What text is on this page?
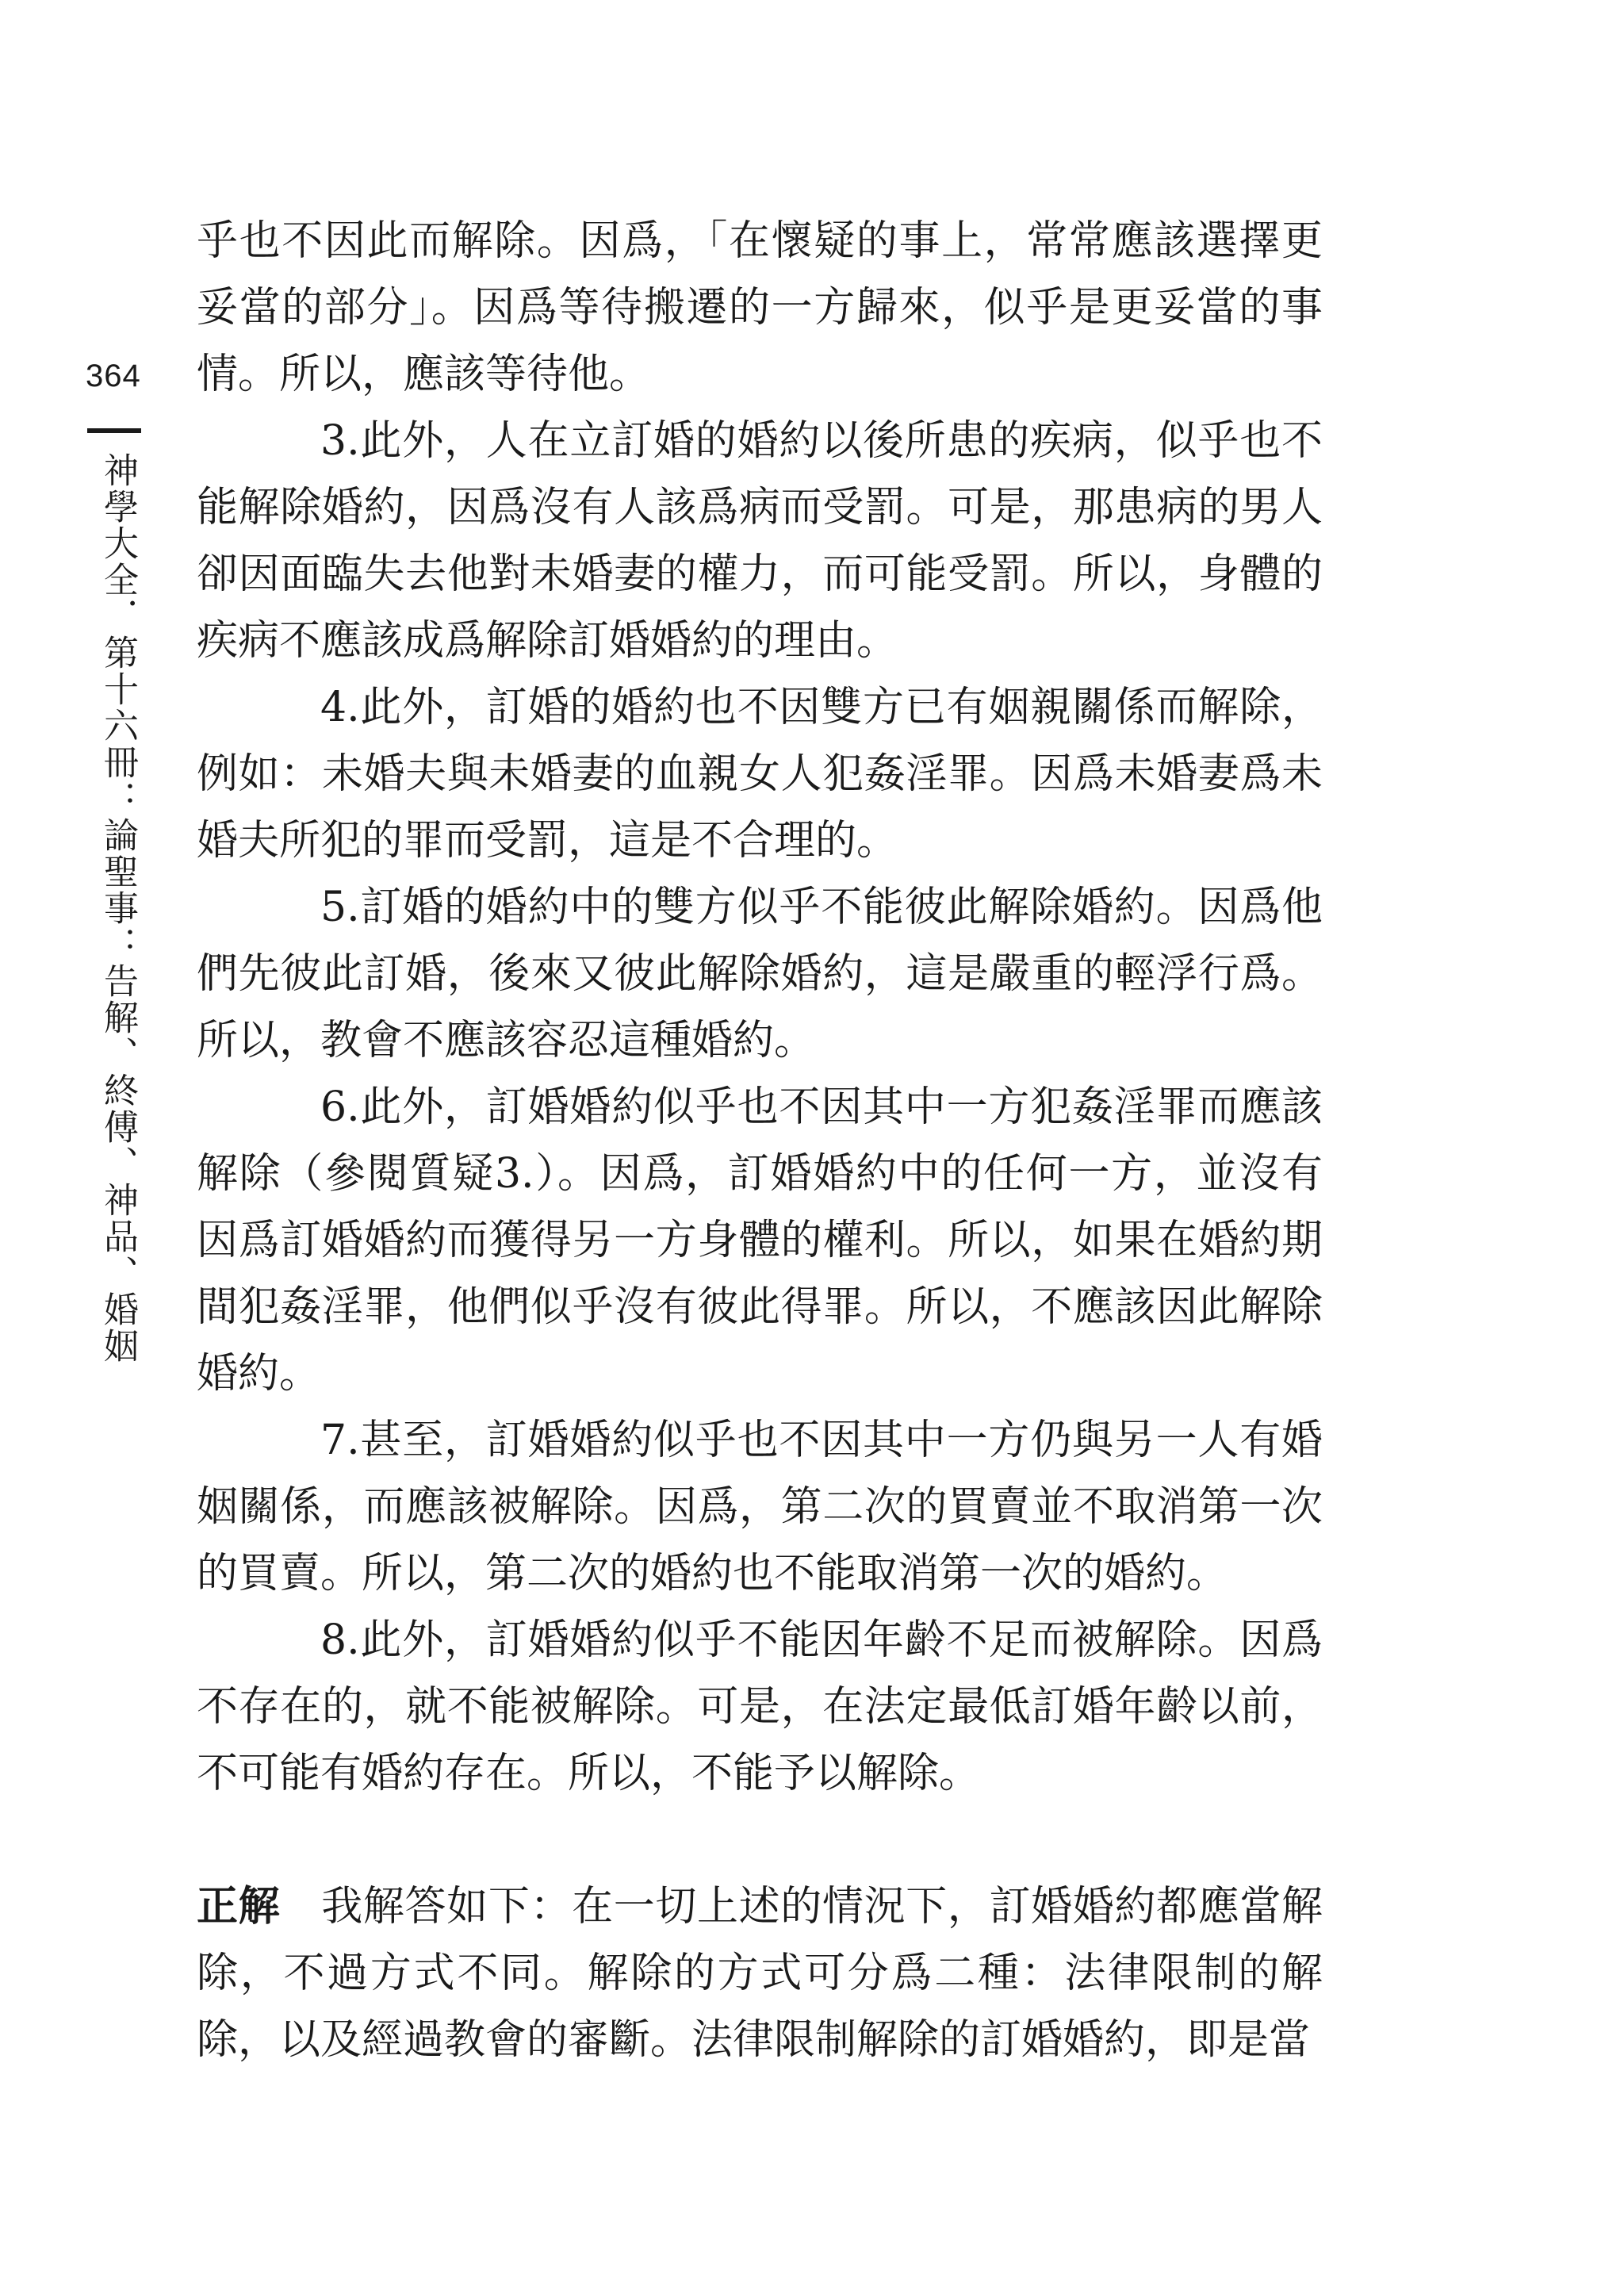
364
神學大全．第十六冊：論聖事：告解、終傅、神品、婚姻

乎也不因此而解除。因爲，「在懷疑的事上，常常應該選擇更妥當的部分」。因爲等待搬遷的一方歸來，似乎是更妥當的事情。所以，應該等待他。

3.此外，人在立訂婚的婚約以後所患的疾病，似乎也不能解除婚約，因爲沒有人該爲病而受罰。可是，那患病的男人卻因面臨失去他對未婚妻的權力，而可能受罰。所以，身體的疾病不應該成爲解除訂婚婚約的理由。

4.此外，訂婚的婚約也不因雙方已有姻親關係而解除，例如：未婚夫與未婚妻的血親女人犯姦淫罪。因爲未婚妻爲未婚夫所犯的罪而受罰，這是不合理的。

5.訂婚的婚約中的雙方似乎不能彼此解除婚約。因爲他們先彼此訂婚，後來又彼此解除婚約，這是嚴重的輕浮行爲。所以，教會不應該容忍這種婚約。

6.此外，訂婚婚約似乎也不因其中一方犯姦淫罪而應該解除（參閱質疑3.）。因爲，訂婚婚約中的任何一方，並沒有因爲訂婚婚約而獲得另一方身體的權利。所以，如果在婚約期間犯姦淫罪，他們似乎沒有彼此得罪。所以，不應該因此解除婚約。

7.甚至，訂婚婚約似乎也不因其中一方仍與另一人有婚姻關係，而應該被解除。因爲，第二次的買賣並不取消第一次的買賣。所以，第二次的婚約也不能取消第一次的婚約。

8.此外，訂婚婚約似乎不能因年齡不足而被解除。因爲不存在的，就不能被解除。可是，在法定最低訂婚年齡以前，不可能有婚約存在。所以，不能予以解除。

正解 我解答如下：在一切上述的情況下，訂婚婚約都應當解除，不過方式不同。解除的方式可分爲二種：法律限制的解除，以及經過教會的審斷。法律限制解除的訂婚婚約，即是當
